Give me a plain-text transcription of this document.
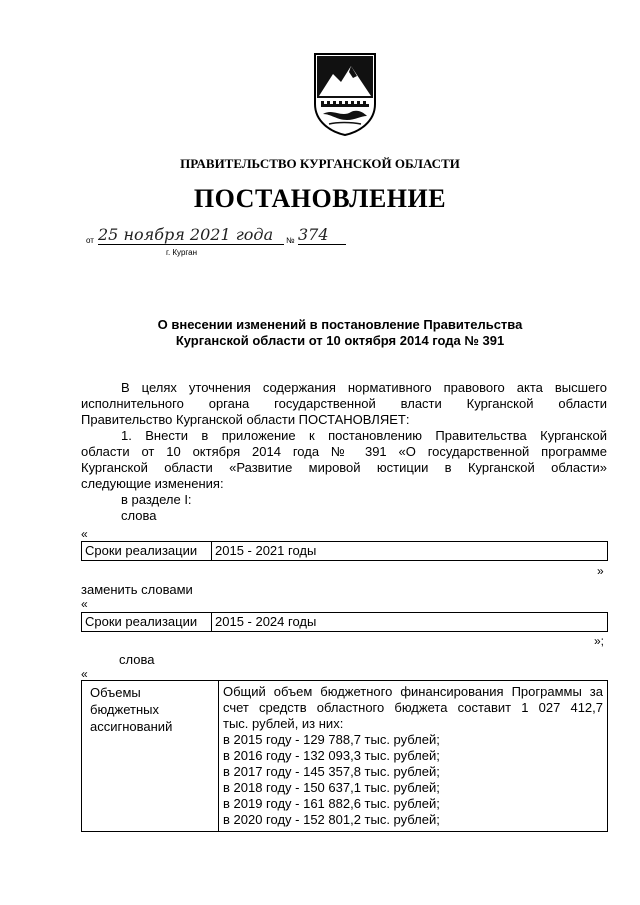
ПРАВИТЕЛЬСТВО КУРГАНСКОЙ ОБЛАСТИ
ПОСТАНОВЛЕНИЕ
от 25 ноября 2021 года	№ 374
г. Курган
О внесении изменений в постановление Правительства
Курганской области от 10 октября 2014 года № 391
В целях уточнения содержания нормативного правового акта высшего
исполнительного органа государственной власти Курганской области
Правительство Курганской области ПОСТАНОВЛЯЕТ:
1. Внести в приложение к постановлению Правительства Курганской
области от 10 октября 2014 года № 391 «О государственной программе
Курганской области «Развитие мировой юстиции в Курганской области»
следующие изменения:
в разделе I:
слова
«
Сроки реализации	2015 - 2021 годы
»
заменить словами
«
Сроки реализации	2015 - 2024 годы
»;
слова
«
Объемы
бюджетных
ассигнований

Общий объем бюджетного финансирования Программы за
счет средств областного бюджета составит 1 027 412,7
тыс. рублей, из них:
в 2015 году - 129 788,7 тыс. рублей;
в 2016 году - 132 093,3 тыс. рублей;
в 2017 году - 145 357,8 тыс. рублей;
в 2018 году - 150 637,1 тыс. рублей;
в 2019 году - 161 882,6 тыс. рублей;
в 2020 году - 152 801,2 тыс. рублей;
